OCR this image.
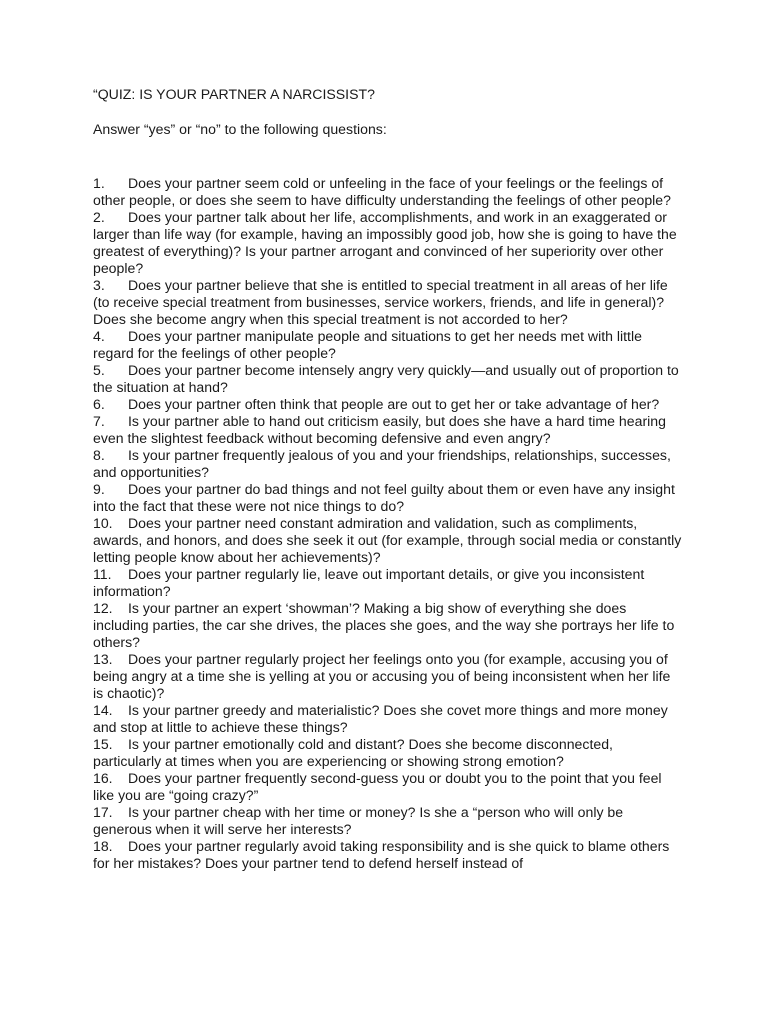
“QUIZ: IS YOUR PARTNER A NARCISSIST?

Answer “yes” or “no” to the following questions:

1. Does your partner seem cold or unfeeling in the face of your feelings or the feelings of other people, or does she seem to have difficulty understanding the feelings of other people?
2. Does your partner talk about her life, accomplishments, and work in an exaggerated or larger than life way (for example, having an impossibly good job, how she is going to have the greatest of everything)? Is your partner arrogant and convinced of her superiority over other people?
3. Does your partner believe that she is entitled to special treatment in all areas of her life (to receive special treatment from businesses, service workers, friends, and life in general)? Does she become angry when this special treatment is not accorded to her?
4. Does your partner manipulate people and situations to get her needs met with little regard for the feelings of other people?
5. Does your partner become intensely angry very quickly—and usually out of proportion to the situation at hand?
6. Does your partner often think that people are out to get her or take advantage of her?
7. Is your partner able to hand out criticism easily, but does she have a hard time hearing even the slightest feedback without becoming defensive and even angry?
8. Is your partner frequently jealous of you and your friendships, relationships, successes, and opportunities?
9. Does your partner do bad things and not feel guilty about them or even have any insight into the fact that these were not nice things to do?
10. Does your partner need constant admiration and validation, such as compliments, awards, and honors, and does she seek it out (for example, through social media or constantly letting people know about her achievements)?
11. Does your partner regularly lie, leave out important details, or give you inconsistent information?
12. Is your partner an expert ‘showman’? Making a big show of everything she does including parties, the car she drives, the places she goes, and the way she portrays her life to others?
13. Does your partner regularly project her feelings onto you (for example, accusing you of being angry at a time she is yelling at you or accusing you of being inconsistent when her life is chaotic)?
14. Is your partner greedy and materialistic? Does she covet more things and more money and stop at little to achieve these things?
15. Is your partner emotionally cold and distant? Does she become disconnected, particularly at times when you are experiencing or showing strong emotion?
16. Does your partner frequently second-guess you or doubt you to the point that you feel like you are “going crazy?”
17. Is your partner cheap with her time or money? Is she a “person who will only be generous when it will serve her interests?
18. Does your partner regularly avoid taking responsibility and is she quick to blame others for her mistakes? Does your partner tend to defend herself instead of
